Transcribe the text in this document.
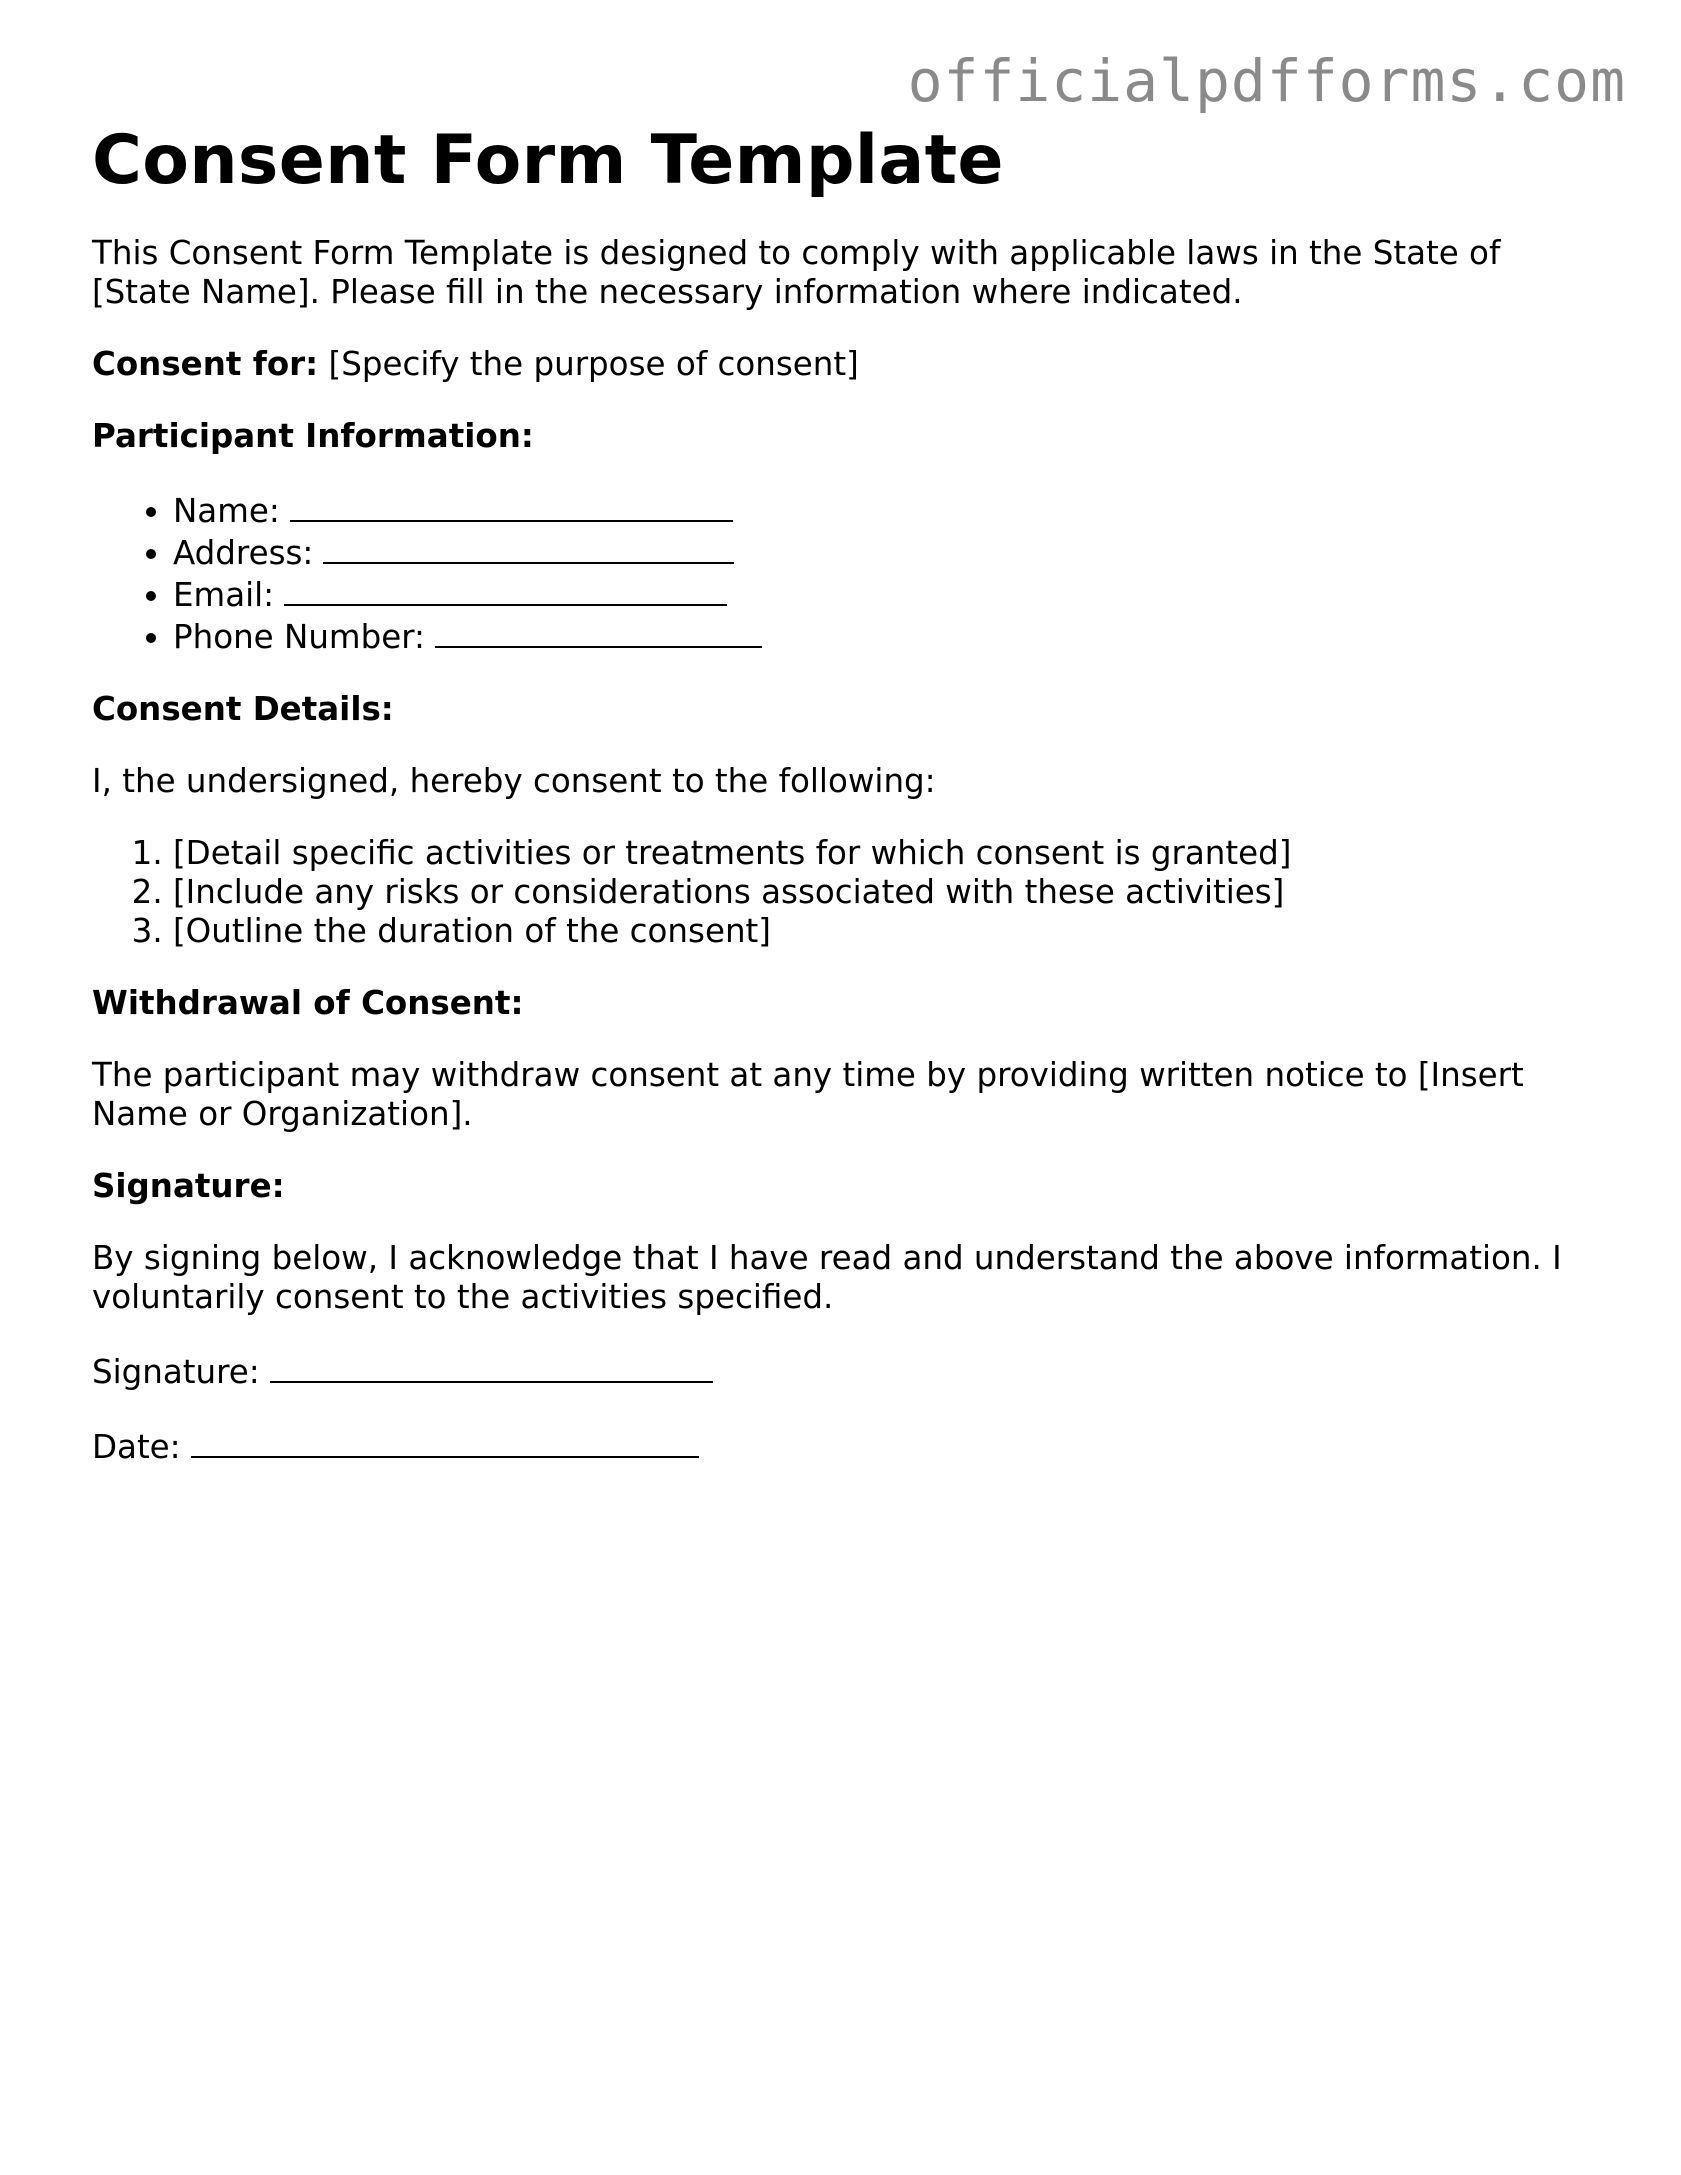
officialpdfforms.com
Consent Form Template

This Consent Form Template is designed to comply with applicable laws in the State of [State Name]. Please fill in the necessary information where indicated.

Consent for: [Specify the purpose of consent]

Participant Information:

• Name:
• Address:
• Email:
• Phone Number:

Consent Details:

I, the undersigned, hereby consent to the following:

1. [Detail specific activities or treatments for which consent is granted]
2. [Include any risks or considerations associated with these activities]
3. [Outline the duration of the consent]

Withdrawal of Consent:

The participant may withdraw consent at any time by providing written notice to [Insert Name or Organization].

Signature:

By signing below, I acknowledge that I have read and understand the above information. I voluntarily consent to the activities specified.

Signature:

Date:
